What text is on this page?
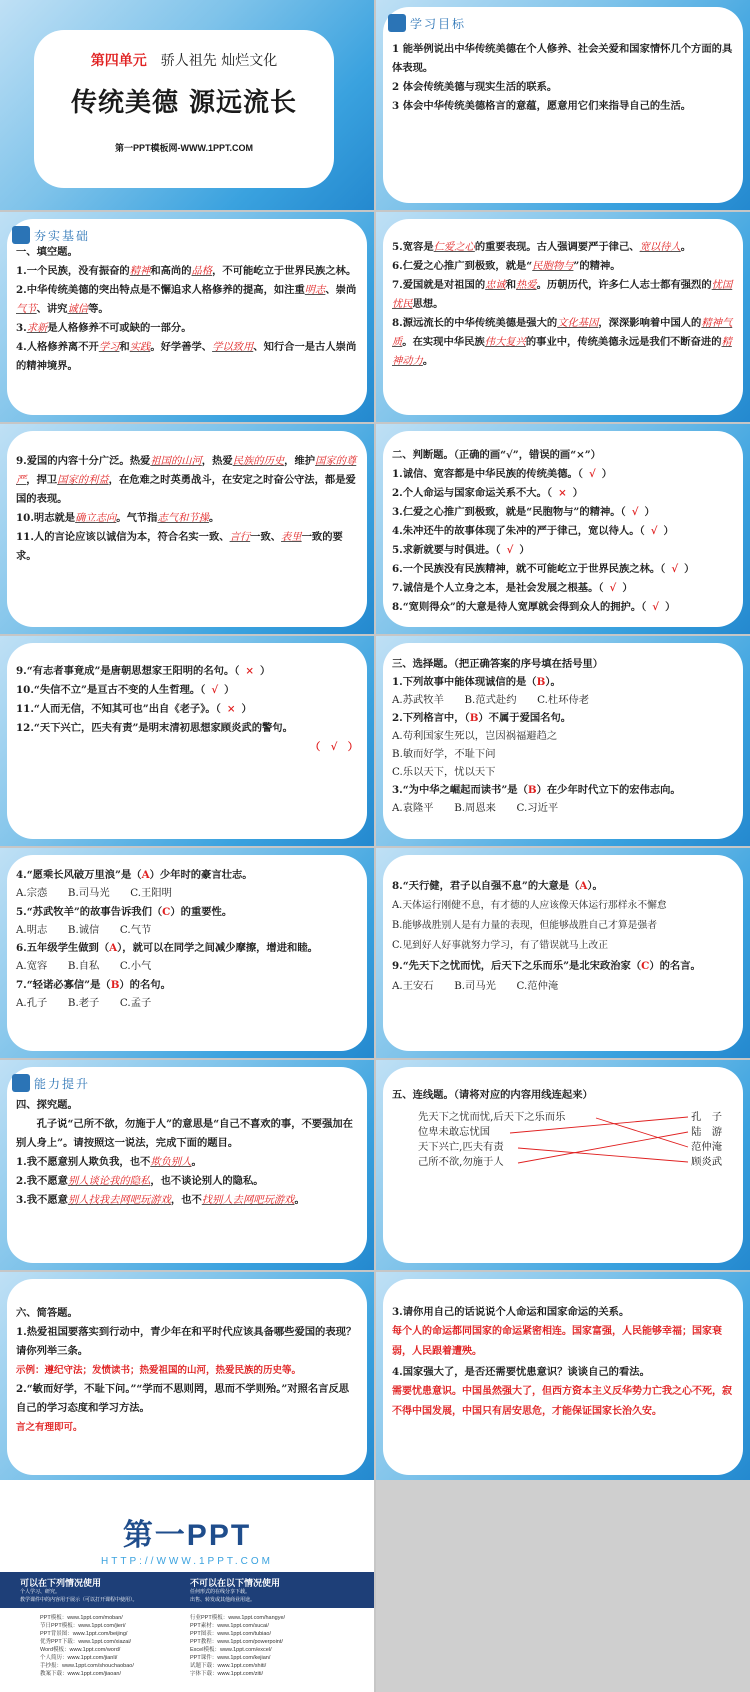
第四单元　 骄人祖先 灿烂文化
传统美德 源远流长
第一PPT模板网-WWW.1PPT.COM
学习目标

1 能举例说出中华传统美德在个人修养、社会关爱和国家情怀几个方面的具体表现。

2 体会传统美德与现实生活的联系。

3 体会中华传统美德格言的意蕴，愿意用它们来指导自己的生活。

夯实基础

一、填空题。

1.一个民族，没有振奋的精神和高尚的品格，不可能屹立于世界民族之林。

2.中华传统美德的突出特点是不懈追求人格修养的提高，如注重明志、崇尚气节、讲究诚信等。

3.求新是人格修养不可或缺的一部分。

4.人格修养离不开学习和实践。好学善学、学以致用、知行合一是古人崇尚的精神境界。

5.宽容是仁爱之心的重要表现。古人强调要严于律己、宽以待人。

6.仁爱之心推广到极致，就是“民胞物与”的精神。

7.爱国就是对祖国的忠诚和热爱。历朝历代，许多仁人志士都有强烈的忧国忧民思想。

8.源远流长的中华传统美德是强大的文化基因，深深影响着中国人的精神气质。在实现中华民族伟大复兴的事业中，传统美德永远是我们不断奋进的精神动力。

9.爱国的内容十分广泛。热爱祖国的山河，热爱民族的历史，维护国家的尊严，捍卫国家的利益，在危难之时英勇战斗，在安定之时奋公守法，都是爱国的表现。

10.明志就是确立志向。气节指志气和节操。

11.人的言论应该以诚信为本，符合名实一致、言行一致、表里一致的要求。

二、判断题。（正确的画“√”，错误的画“×”）

1.诚信、宽容都是中华民族的传统美德。（ √ ）

2.个人命运与国家命运关系不大。（ × ）

3.仁爱之心推广到极致，就是“民胞物与”的精神。（ √ ）

4.朱冲还牛的故事体现了朱冲的严于律己，宽以待人。（ √ ）

5.求新就要与时俱进。（ √ ）

6.一个民族没有民族精神，就不可能屹立于世界民族之林。（ √ ）

7.诚信是个人立身之本，是社会发展之根基。（ √ ）

8.“宽则得众”的大意是待人宽厚就会得到众人的拥护。（ √ ）

9.“有志者事竟成”是唐朝思想家王阳明的名句。（ × ）

10.“失信不立”是亘古不变的人生哲理。（ √ ）

11.“人而无信，不知其可也”出自《老子》。（ × ）

12.“天下兴亡，匹夫有责”是明末清初思想家顾炎武的警句。

（　√　）

三、选择题。（把正确答案的序号填在括号里）

1.下列故事中能体现诚信的是（B）。

A.苏武牧羊　　B.范式赴约　　C.杜环侍老

2.下列格言中，（B）不属于爱国名句。

A.苟利国家生死以，岂因祸福避趋之

B.敏而好学，不耻下问

C.乐以天下，忧以天下

3.“为中华之崛起而读书”是（B）在少年时代立下的宏伟志向。

A.袁隆平　　B.周恩来　　C.习近平

4.“愿乘长风破万里浪”是（A）少年时的豪言壮志。

A.宗悫　　B.司马光　　C.王阳明

5.“苏武牧羊”的故事告诉我们（C）的重要性。

A.明志　　B.诚信　　C.气节

6.五年级学生做到（A），就可以在同学之间减少摩擦，增进和睦。

A.宽容　　B.自私　　C.小气

7.“轻诺必寡信”是（B）的名句。

A.孔子　　B.老子　　C.孟子

8.“天行健，君子以自强不息”的大意是（A）。

A.天体运行刚健不息，有才德的人应该像天体运行那样永不懈怠

B.能够战胜别人是有力量的表现，但能够战胜自己才算是强者

C.见到好人好事就努力学习，有了错误就马上改正

9.“先天下之忧而忧，后天下之乐而乐”是北宋政治家（C）的名言。

A.王安石　　B.司马光　　C.范仲淹

能力提升

四、探究题。

孔子说“己所不欲，勿施于人”的意思是“自己不喜欢的事，不要强加在别人身上”。请按照这一说法，完成下面的题目。

1.我不愿意别人欺负我，也不欺负别人。

2.我不愿意别人谈论我的隐私，也不谈论别人的隐私。

3.我不愿意别人找我去网吧玩游戏，也不找别人去网吧玩游戏。

五、连线题。（请将对应的内容用线连起来）

先天下之忧而忧,后天下之乐而乐
位卑未敢忘忧国
天下兴亡,匹夫有责
己所不欲,勿施于人
孔　子
陆　游
范仲淹
顾炎武

六、简答题。

1.热爱祖国要落实到行动中，青少年在和平时代应该具备哪些爱国的表现？请你列举三条。

示例：遵纪守法；发愤读书；热爱祖国的山河，热爱民族的历史等。

2.“敏而好学，不耻下问。”“学而不思则罔，思而不学则殆。”对照名言反思自己的学习态度和学习方法。

言之有理即可。

3.请你用自己的话说说个人命运和国家命运的关系。

每个人的命运都同国家的命运紧密相连。国家富强，人民能够幸福；国家衰弱，人民跟着遭殃。

4.国家强大了，是否还需要忧患意识？谈谈自己的看法。

需要忧患意识。中国虽然强大了，但西方资本主义反华势力亡我之心不死，寂不得中国发展，中国只有居安思危，才能保证国家长治久安。

第一PPT
HTTP://WWW.1PPT.COM
可以在下列情况使用
个人学习、研究。
教学课件中的内容用于展示（可以打开课程中使用）。
不可以在以下情况使用
任何形式的在线分享下载。
出售、转发或其他商业用途。
PPT模板：www.1ppt.com/moban/
节日PPT模板：www.1ppt.com/jieri/
PPT背景图：www.1ppt.com/beijing/
优秀PPT下载：www.1ppt.com/xiazai/
Word模板：www.1ppt.com/word/
个人简历：www.1ppt.com/jianli/
手抄报：www.1ppt.com/shouchaobao/
教案下载：www.1ppt.com/jiaoan/
行业PPT模板：www.1ppt.com/hangye/
PPT素材：www.1ppt.com/sucai/
PPT图表：www.1ppt.com/tubiao/
PPT教程：www.1ppt.com/powerpoint/
Excel模板：www.1ppt.com/excel/
PPT课件：www.1ppt.com/kejian/
试题下载：www.1ppt.com/shiti/
字体下载：www.1ppt.com/ziti/
